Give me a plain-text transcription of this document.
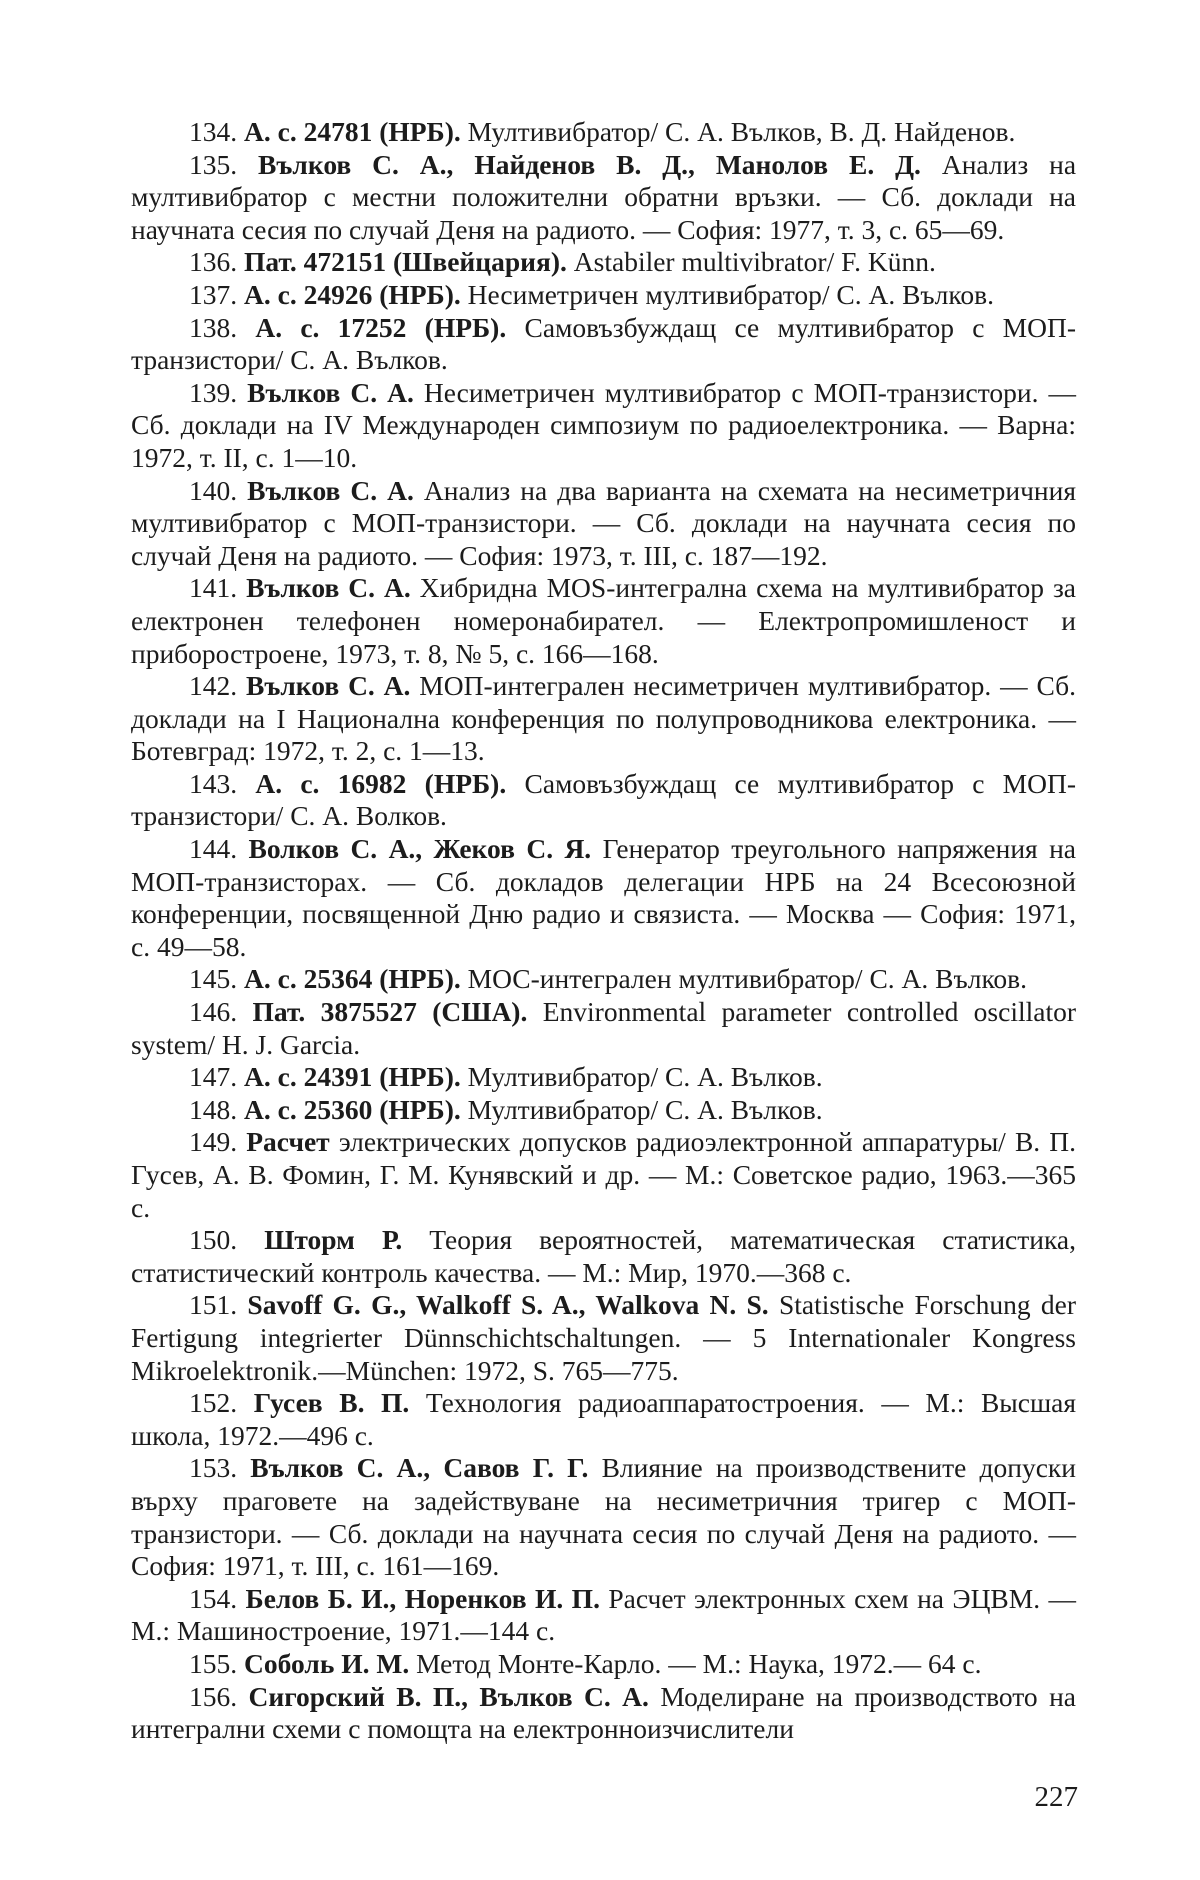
134. А. с. 24781 (НРБ). Мултивибратор/ С. А. Вълков, В. Д. Найденов.

135. Вълков С. А., Найденов В. Д., Манолов Е. Д. Анализ на мултивибратор с местни положителни обратни връзки. — Сб. доклади на научната сесия по случай Деня на радиото. — София: 1977, т. 3, с. 65—69.

136. Пат. 472151 (Швейцария). Astabiler multivibrator/ F. Künn.

137. А. с. 24926 (НРБ). Несиметричен мултивибратор/ С. А. Вълков.

138. А. с. 17252 (НРБ). Самовъзбуждащ се мултивибратор с МОП-транзистори/ С. А. Вълков.

139. Вълков С. А. Несиметричен мултивибратор с МОП-транзистори. — Сб. доклади на IV Международен симпозиум по радиоелектроника. — Варна: 1972, т. II, с. 1—10.

140. Вълков С. А. Анализ на два варианта на схемата на несиметричния мултивибратор с МОП-транзистори. — Сб. доклади на научната сесия по случай Деня на радиото. — София: 1973, т. III, с. 187—192.

141. Вълков С. А. Хибридна MOS-интегрална схема на мултивибратор за електронен телефонен номеронабирател. — Електропромишленост и приборостроене, 1973, т. 8, № 5, с. 166—168.

142. Вълков С. А. МОП-интегрален несиметричен мултивибратор. — Сб. доклади на I Национална конференция по полупроводникова електроника. — Ботевград: 1972, т. 2, с. 1—13.

143. А. с. 16982 (НРБ). Самовъзбуждащ се мултивибратор с МОП-транзистори/ С. А. Волков.

144. Волков С. А., Жеков С. Я. Генератор треугольного напряжения на МОП-транзисторах. — Сб. докладов делегации НРБ на 24 Всесоюзной конференции, посвященной Дню радио и связиста. — Москва — София: 1971, с. 49—58.

145. А. с. 25364 (НРБ). МОС-интегрален мултивибратор/ С. А. Вълков.

146. Пат. 3875527 (США). Environmental parameter controlled oscillator system/ H. J. Garcia.

147. А. с. 24391 (НРБ). Мултивибратор/ С. А. Вълков.

148. А. с. 25360 (НРБ). Мултивибратор/ С. А. Вълков.

149. Расчет электрических допусков радиоэлектронной аппаратуры/ В. П. Гусев, А. В. Фомин, Г. М. Кунявский и др. — М.: Советское радио, 1963.—365 с.

150. Шторм Р. Теория вероятностей, математическая статистика, статистический контроль качества. — М.: Мир, 1970.—368 с.

151. Savoff G. G., Walkoff S. A., Walkova N. S. Statistische Forschung der Fertigung integrierter Dünnschichtschaltungen. — 5 Internationaler Kongress Mikroelektronik.—München: 1972, S. 765—775.

152. Гусев В. П. Технология радиоаппаратостроения. — М.: Высшая школа, 1972.—496 с.

153. Вълков С. А., Савов Г. Г. Влияние на производствените допуски върху праговете на задействуване на несиметричния тригер с МОП-транзистори. — Сб. доклади на научната сесия по случай Деня на радиото. — София: 1971, т. III, с. 161—169.

154. Белов Б. И., Норенков И. П. Расчет электронных схем на ЭЦВМ. — М.: Машиностроение, 1971.—144 с.

155. Соболь И. М. Метод Монте-Карло. — М.: Наука, 1972.— 64 с.

156. Сигорский В. П., Вълков С. А. Моделиране на производството на интегрални схеми с помощта на електронноизчислители

227
